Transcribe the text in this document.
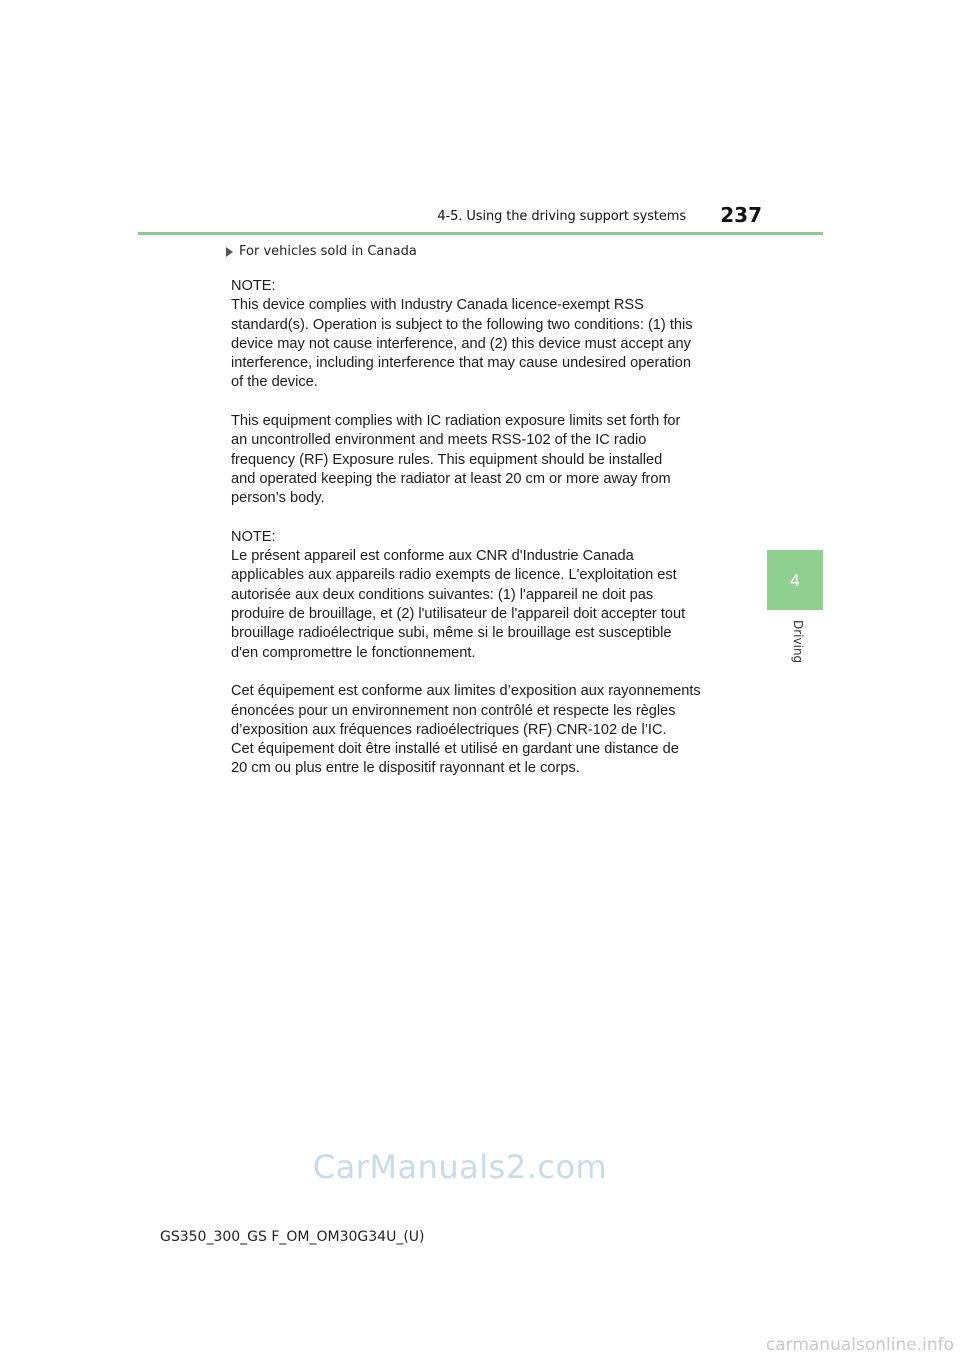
4-5. Using the driving support systems	237
4
Driving
For vehicles sold in Canada

NOTE:
This device complies with Industry Canada licence-exempt RSS
standard(s). Operation is subject to the following two conditions: (1) this
device may not cause interference, and (2) this device must accept any
interference, including interference that may cause undesired operation
of the device.

This equipment complies with IC radiation exposure limits set forth for
an uncontrolled environment and meets RSS-102 of the IC radio
frequency (RF) Exposure rules. This equipment should be installed
and operated keeping the radiator at least 20 cm or more away from
person’s body.

NOTE:
Le présent appareil est conforme aux CNR d'Industrie Canada
applicables aux appareils radio exempts de licence. L'exploitation est
autorisée aux deux conditions suivantes: (1) l'appareil ne doit pas
produire de brouillage, et (2) l'utilisateur de l'appareil doit accepter tout
brouillage radioélectrique subi, même si le brouillage est susceptible
d'en compromettre le fonctionnement.

Cet équipement est conforme aux limites d’exposition aux rayonnements
énoncées pour un environnement non contrôlé et respecte les règles
d’exposition aux fréquences radioélectriques (RF) CNR-102 de l’IC.
Cet équipement doit être installé et utilisé en gardant une distance de
20 cm ou plus entre le dispositif rayonnant et le corps.

CarManuals2.com
GS350_300_GS F_OM_OM30G34U_(U)
carmanualsonline.info
